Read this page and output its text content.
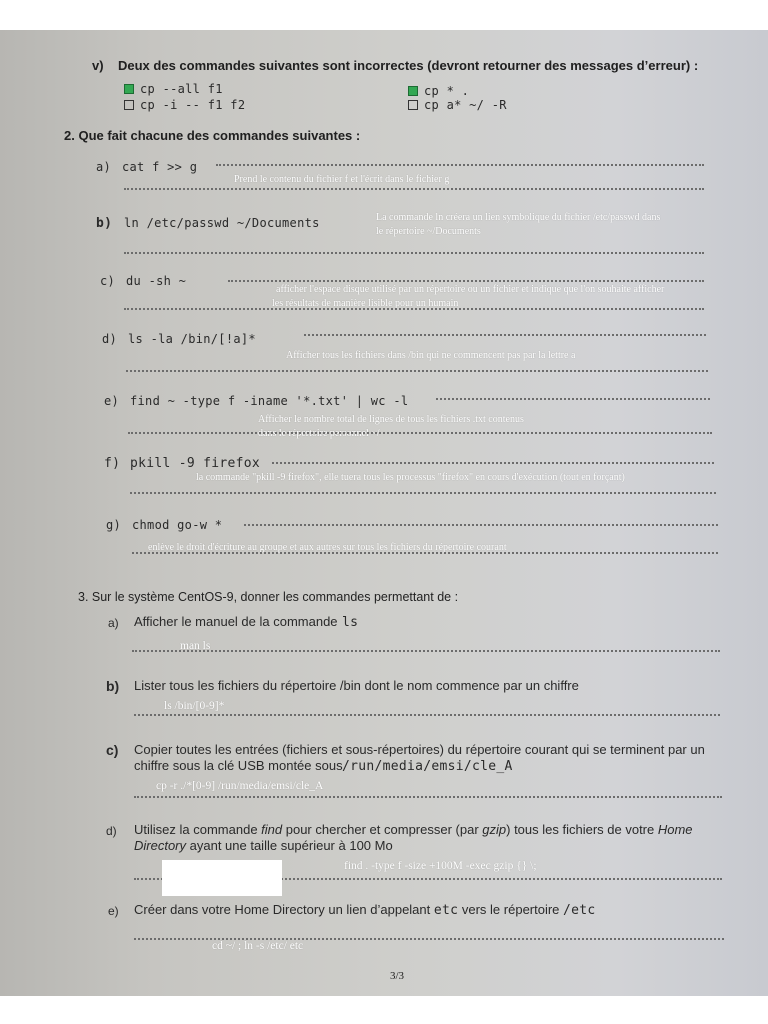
v) Deux des commandes suivantes sont incorrectes (devront retourner des messages d’erreur) :
cp --all f1
cp -i -- f1 f2
cp * .
cp a* ~/ -R
2. Que fait chacune des commandes suivantes :
a) cat f >> g
Prend le contenu du fichier f et l'écrit dans le fichier g
b) ln /etc/passwd ~/Documents	La commande ln créera un lien symbolique du fichier /etc/passwd dans
le répertoire ~/Documents
c) du -sh ~
afficher l'espace disque utilisé par un répertoire ou un fichier et indique que l'on souhaite afficher
les résultats de manière lisible pour un humain
d) ls -la /bin/[!a]*
Afficher tous les fichiers dans /bin qui ne commencent pas par la lettre a
e) find ~ -type f -iname '*.txt' | wc -l
Afficher le nombre total de lignes de tous les fichiers .txt contenus
dans le répertoire personnel ~/
f) pkill -9 firefox
la commande "pkill -9 firefox", elle tuera tous les processus "firefox" en cours d'exécution (tout en forçant)
g) chmod go-w *
enlève le droit d'écriture au groupe et aux autres sur tous les fichiers du répertoire courant
3. Sur le système CentOS-9, donner les commandes permettant de :
a) Afficher le manuel de la commande ls
man ls
b) Lister tous les fichiers du répertoire /bin dont le nom commence par un chiffre
ls /bin/[0-9]*
c) Copier toutes les entrées (fichiers et sous-répertoires) du répertoire courant qui se terminent par un
chiffre sous la clé USB montée sous /run/media/emsi/cle_A
cp -r ./*[0-9] /run/media/emsi/cle_A
d) Utilisez la commande find pour chercher et compresser (par gzip) tous les fichiers de votre Home
Directory ayant une taille supérieur à 100 Mo
find . -type f -size +100M -exec gzip {} \;
e) Créer dans votre Home Directory un lien d’appelant etc vers le répertoire /etc
cd ~/ ; ln -s /etc/ etc
3/3
